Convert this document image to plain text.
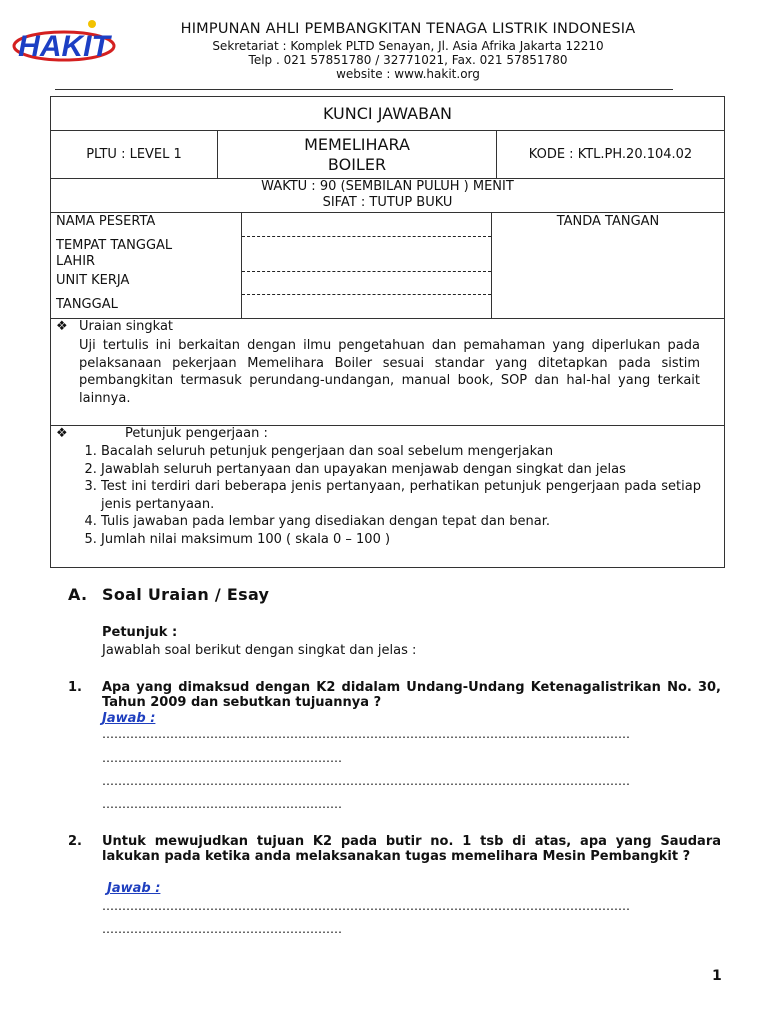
HAKIT
HIMPUNAN AHLI PEMBANGKITAN TENAGA LISTRIK INDONESIA
Sekretariat : Komplek PLTD Senayan, Jl. Asia Afrika Jakarta 12210
Telp . 021 57851780 / 32771021, Fax. 021 57851780
website : www.hakit.org
KUNCI JAWABAN
PLTU : LEVEL 1
MEMELIHARA
BOILER
KODE : KTL.PH.20.104.02
WAKTU : 90 (SEMBILAN PULUH ) MENIT
SIFAT : TUTUP BUKU
NAMA PESERTA
TEMPAT TANGGAL
LAHIR
UNIT KERJA
TANGGAL
TANDA TANGAN
❖ Uraian singkat
Uji tertulis ini berkaitan dengan ilmu pengetahuan dan pemahaman yang diperlukan pada pelaksanaan pekerjaan Memelihara Boiler sesuai standar yang ditetapkan pada sistim pembangkitan termasuk perundang-undangan, manual book, SOP dan hal-hal yang terkait lainnya.
❖	Petunjuk pengerjaan :
1. Bacalah seluruh petunjuk pengerjaan dan soal sebelum mengerjakan
2. Jawablah seluruh pertanyaan dan upayakan menjawab dengan singkat dan jelas
3. Test ini terdiri dari beberapa jenis pertanyaan, perhatikan petunjuk pengerjaan pada setiap jenis pertanyaan.
4. Tulis jawaban pada lembar yang disediakan dengan tepat dan benar.
5. Jumlah nilai maksimum 100 ( skala 0 – 100 )
A. Soal Uraian / Esay
Petunjuk :
Jawablah soal berikut dengan singkat dan jelas :
1. Apa yang dimaksud dengan K2 didalam Undang-Undang Ketenagalistrikan No. 30, Tahun 2009 dan sebutkan tujuannya ?
Jawab :
……………………………………………………………………………………………………………………
……………………………………………………
……………………………………………………………………………………………………………………
……………………………………………………
2. Untuk mewujudkan tujuan K2 pada butir no. 1 tsb di atas, apa yang Saudara lakukan pada ketika anda melaksanakan tugas memelihara Mesin Pembangkit ?
Jawab :
……………………………………………………………………………………………………………………
……………………………………………………
1
